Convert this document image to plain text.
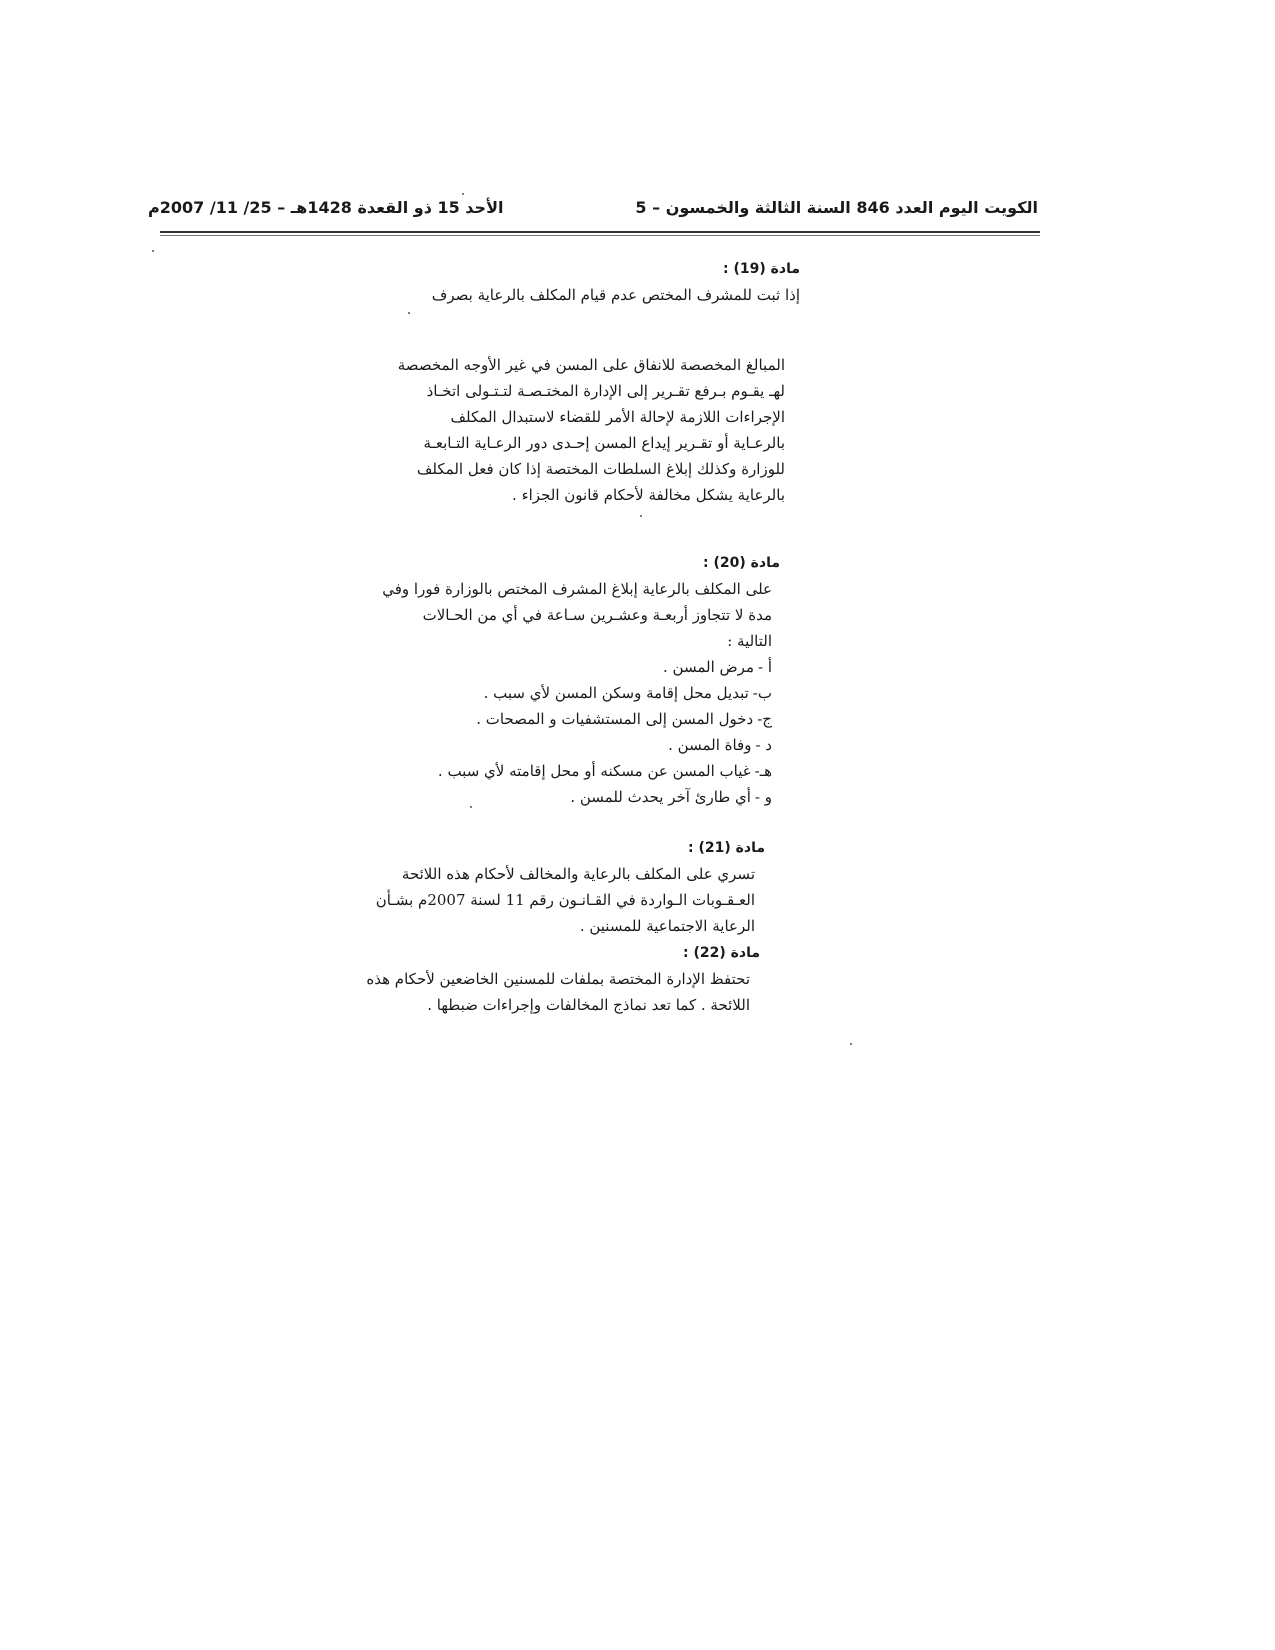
الكويت اليوم العدد 846 السنة الثالثة والخمسون – 5
الأحد 15 ذو القعدة 1428هـ – 25/ 11/ 2007م
مادة (19) :
إذا ثبت للمشرف المختص عدم قيام المكلف بالرعاية بصرف
المبالغ المخصصة للانفاق على المسن في غير الأوجه المخصصة
لهـ يقـوم بـرفع تقـرير إلى الإدارة المختـصـة لتـتـولى اتخـاذ
الإجراءات اللازمة لإحالة الأمر للقضاء لاستبدال المكلف
بالرعـاية أو تقـرير إيداع المسن إحـدى دور الرعـاية التـابعـة
للوزارة وكذلك إبلاغ السلطات المختصة إذا كان فعل المكلف
بالرعاية يشكل مخالفة لأحكام قانون الجزاء .
مادة (20) :
على المكلف بالرعاية إبلاغ المشرف المختص بالوزارة فورا وفي
مدة لا تتجاوز أربعـة وعشـرين سـاعة في أي من الحـالات
التالية :
أ -مرض المسن .
ب-تبديل محل إقامة وسكن المسن لأي سبب .
ج-دخول المسن إلى المستشفيات و المصحات .
د -وفاة المسن .
هـ-غياب المسن عن مسكنه أو محل إقامته لأي سبب .
و -أي طارئ آخر يحدث للمسن .
مادة (21) :
تسري على المكلف بالرعاية والمخالف لأحكام هذه اللائحة
العـقـوبات الـواردة في القـانـون رقم 11 لسنة 2007م بشـأن
الرعاية الاجتماعية للمسنين .
مادة (22) :
تحتفظ الإدارة المختصة بملفات للمسنين الخاضعين لأحكام هذه
اللائحة . كما تعد نماذج المخالفات وإجراءات ضبطها .
